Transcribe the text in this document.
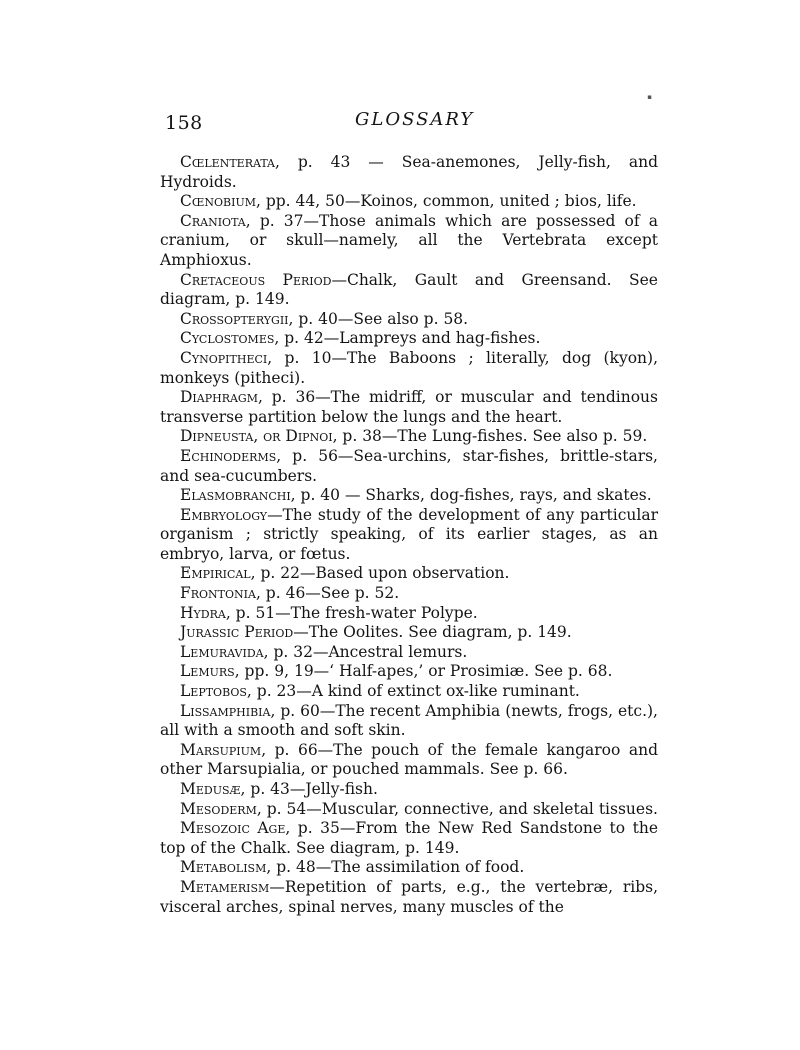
▪
158	GLOSSARY

Cœlenterata, p. 43 — Sea-anemones, Jelly-fish, and Hydroids.

Cœnobium, pp. 44, 50—Koinos, common, united ; bios, life.

Craniota, p. 37—Those animals which are possessed of a cranium, or skull—namely, all the Vertebrata except Amphioxus.

Cretaceous Period—Chalk, Gault and Greensand. See diagram, p. 149.

Crossopterygii, p. 40—See also p. 58.

Cyclostomes, p. 42—Lampreys and hag-fishes.

Cynopitheci, p. 10—The Baboons ; literally, dog (kyon), monkeys (pitheci).

Diaphragm, p. 36—The midriff, or muscular and tendinous transverse partition below the lungs and the heart.

Dipneusta, or Dipnoi, p. 38—The Lung-fishes. See also p. 59.

Echinoderms, p. 56—Sea-urchins, star-fishes, brittle-stars, and sea-cucumbers.

Elasmobranchi, p. 40 — Sharks, dog-fishes, rays, and skates.

Embryology—The study of the development of any particular organism ; strictly speaking, of its earlier stages, as an embryo, larva, or fœtus.

Empirical, p. 22—Based upon observation.

Frontonia, p. 46—See p. 52.

Hydra, p. 51—The fresh-water Polype.

Jurassic Period—The Oolites. See diagram, p. 149.

Lemuravida, p. 32—Ancestral lemurs.

Lemurs, pp. 9, 19—‘ Half-apes,’ or Prosimiæ. See p. 68.

Leptobos, p. 23—A kind of extinct ox-like ruminant.

Lissamphibia, p. 60—The recent Amphibia (newts, frogs, etc.), all with a smooth and soft skin.

Marsupium, p. 66—The pouch of the female kangaroo and other Marsupialia, or pouched mammals. See p. 66.

Medusæ, p. 43—Jelly-fish.

Mesoderm, p. 54—Muscular, connective, and skeletal tissues.

Mesozoic Age, p. 35—From the New Red Sandstone to the top of the Chalk. See diagram, p. 149.

Metabolism, p. 48—The assimilation of food.

Metamerism—Repetition of parts, e.g., the vertebræ, ribs, visceral arches, spinal nerves, many muscles of the
